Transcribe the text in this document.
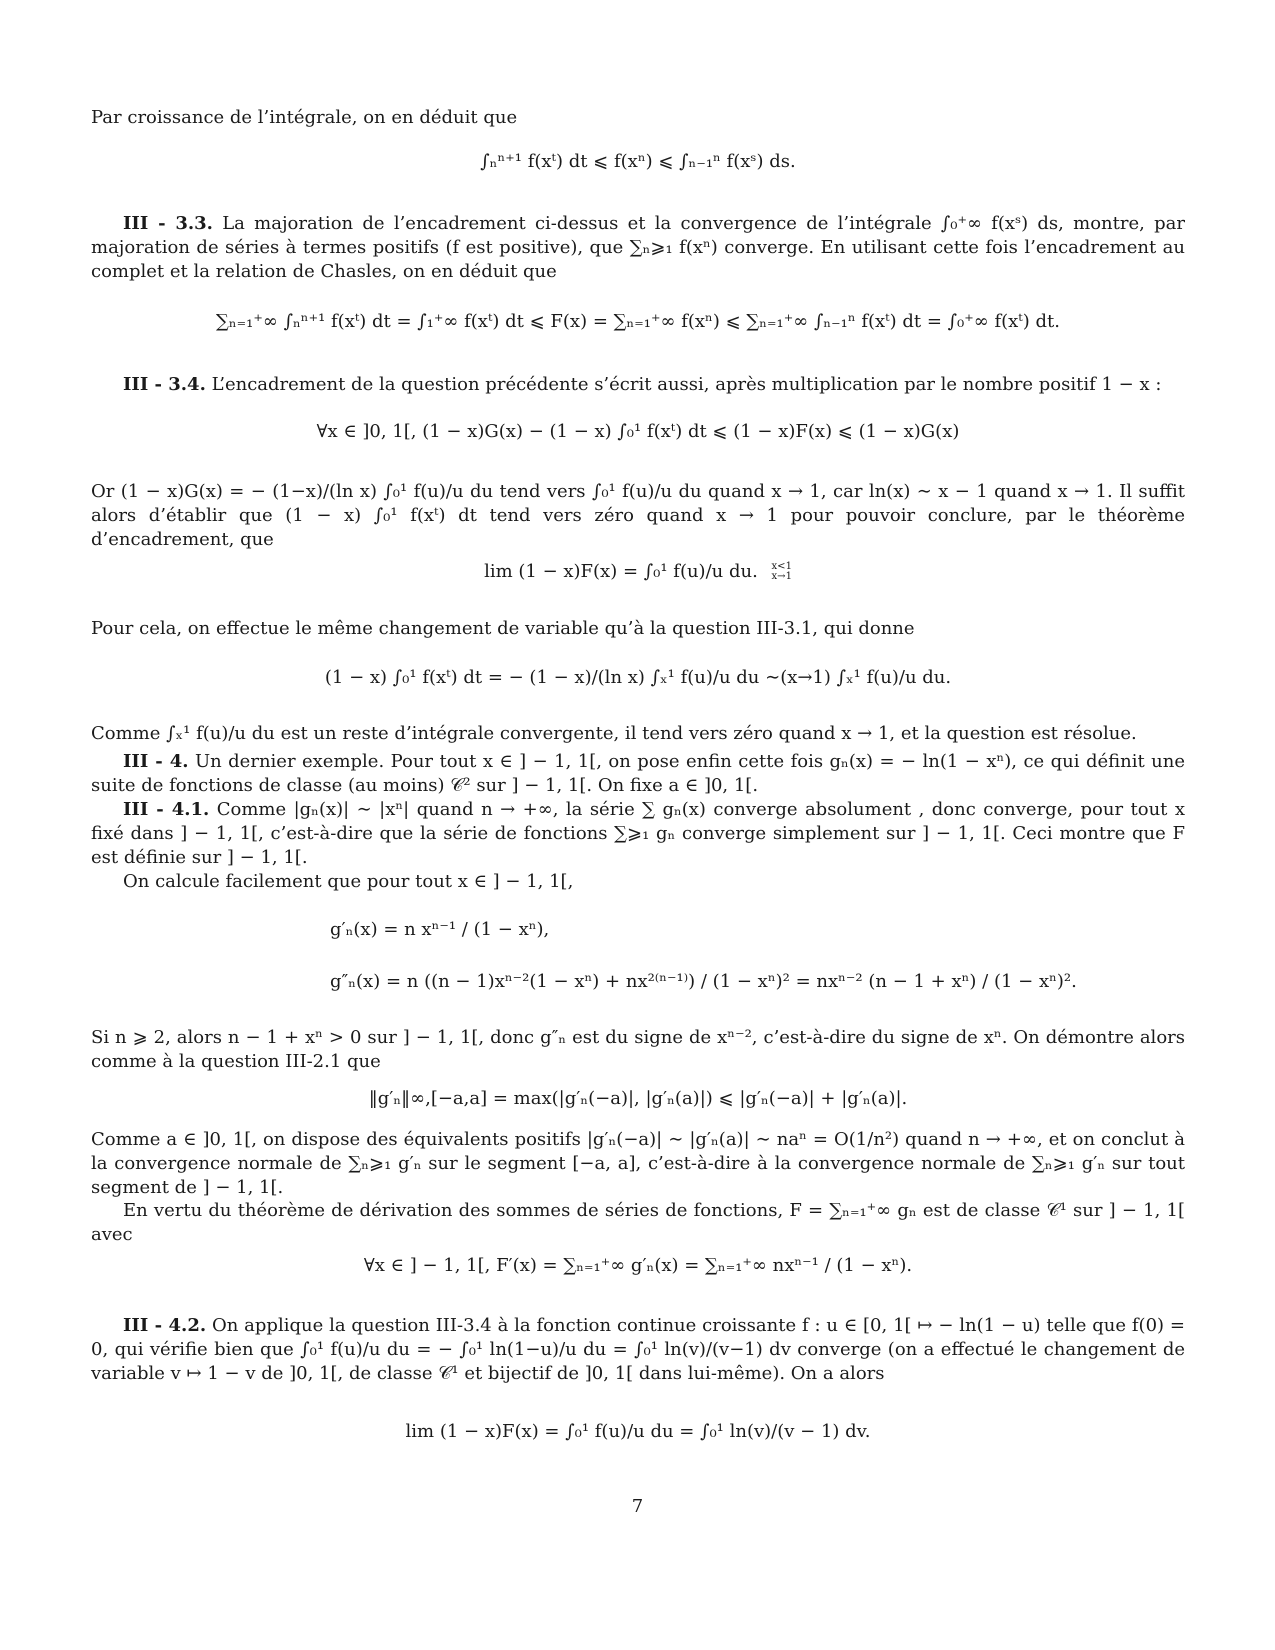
Par croissance de l’intégrale, on en déduit que
∫ₙⁿ⁺¹ f(xᵗ) dt ⩽ f(xⁿ) ⩽ ∫ₙ₋₁ⁿ f(xˢ) ds.
III - 3.3. La majoration de l’encadrement ci-dessus et la convergence de l’intégrale ∫₀⁺∞ f(xˢ) ds, montre, par majoration de séries à termes positifs (f est positive), que ∑ₙ⩾₁ f(xⁿ) converge. En utilisant cette fois l’encadrement au complet et la relation de Chasles, on en déduit que
∑ₙ₌₁⁺∞ ∫ₙⁿ⁺¹ f(xᵗ) dt = ∫₁⁺∞ f(xᵗ) dt ⩽ F(x) = ∑ₙ₌₁⁺∞ f(xⁿ) ⩽ ∑ₙ₌₁⁺∞ ∫ₙ₋₁ⁿ f(xᵗ) dt = ∫₀⁺∞ f(xᵗ) dt.
III - 3.4. L’encadrement de la question précédente s’écrit aussi, après multiplication par le nombre positif 1 − x :
∀x ∈ ]0, 1[, (1 − x)G(x) − (1 − x) ∫₀¹ f(xᵗ) dt ⩽ (1 − x)F(x) ⩽ (1 − x)G(x)
Or (1 − x)G(x) = − (1−x)/(ln x) ∫₀¹ f(u)/u du tend vers ∫₀¹ f(u)/u du quand x → 1, car ln(x) ∼ x − 1 quand x → 1. Il suffit alors d’établir que (1 − x) ∫₀¹ f(xᵗ) dt tend vers zéro quand x → 1 pour pouvoir conclure, par le théorème d’encadrement, que
lim (1 − x)F(x) = ∫₀¹ f(u)/u du. x<1
x→1
Pour cela, on effectue le même changement de variable qu’à la question III-3.1, qui donne
(1 − x) ∫₀¹ f(xᵗ) dt = − (1 − x)/(ln x) ∫ₓ¹ f(u)/u du ∼(x→1) ∫ₓ¹ f(u)/u du.
Comme ∫ₓ¹ f(u)/u du est un reste d’intégrale convergente, il tend vers zéro quand x → 1, et la question est résolue.
III - 4. Un dernier exemple. Pour tout x ∈ ] − 1, 1[, on pose enfin cette fois gₙ(x) = − ln(1 − xⁿ), ce qui définit une suite de fonctions de classe (au moins) 𝒞² sur ] − 1, 1[. On fixe a ∈ ]0, 1[.
III - 4.1. Comme |gₙ(x)| ∼ |xⁿ| quand n → +∞, la série ∑ gₙ(x) converge absolument , donc converge, pour tout x fixé dans ] − 1, 1[, c’est-à-dire que la série de fonctions ∑⩾₁ gₙ converge simplement sur ] − 1, 1[. Ceci montre que F est définie sur ] − 1, 1[.
On calcule facilement que pour tout x ∈ ] − 1, 1[,
g′ₙ(x) = n xⁿ⁻¹ / (1 − xⁿ),
g″ₙ(x) = n ((n − 1)xⁿ⁻²(1 − xⁿ) + nx²⁽ⁿ⁻¹⁾) / (1 − xⁿ)² = nxⁿ⁻² (n − 1 + xⁿ) / (1 − xⁿ)².
Si n ⩾ 2, alors n − 1 + xⁿ > 0 sur ] − 1, 1[, donc g″ₙ est du signe de xⁿ⁻², c’est-à-dire du signe de xⁿ. On démontre alors comme à la question III-2.1 que
‖g′ₙ‖∞,[−a,a] = max(|g′ₙ(−a)|, |g′ₙ(a)|) ⩽ |g′ₙ(−a)| + |g′ₙ(a)|.
Comme a ∈ ]0, 1[, on dispose des équivalents positifs |g′ₙ(−a)| ∼ |g′ₙ(a)| ∼ naⁿ = O(1/n²) quand n → +∞, et on conclut à la convergence normale de ∑ₙ⩾₁ g′ₙ sur le segment [−a, a], c’est-à-dire à la convergence normale de ∑ₙ⩾₁ g′ₙ sur tout segment de ] − 1, 1[.
En vertu du théorème de dérivation des sommes de séries de fonctions, F = ∑ₙ₌₁⁺∞ gₙ est de classe 𝒞¹ sur ] − 1, 1[ avec
∀x ∈ ] − 1, 1[, F′(x) = ∑ₙ₌₁⁺∞ g′ₙ(x) = ∑ₙ₌₁⁺∞ nxⁿ⁻¹ / (1 − xⁿ).
III - 4.2. On applique la question III-3.4 à la fonction continue croissante f : u ∈ [0, 1[ ↦ − ln(1 − u) telle que f(0) = 0, qui vérifie bien que ∫₀¹ f(u)/u du = − ∫₀¹ ln(1−u)/u du = ∫₀¹ ln(v)/(v−1) dv converge (on a effectué le changement de variable v ↦ 1 − v de ]0, 1[, de classe 𝒞¹ et bijectif de ]0, 1[ dans lui-même). On a alors
lim (1 − x)F(x) = ∫₀¹ f(u)/u du = ∫₀¹ ln(v)/(v − 1) dv.
7
